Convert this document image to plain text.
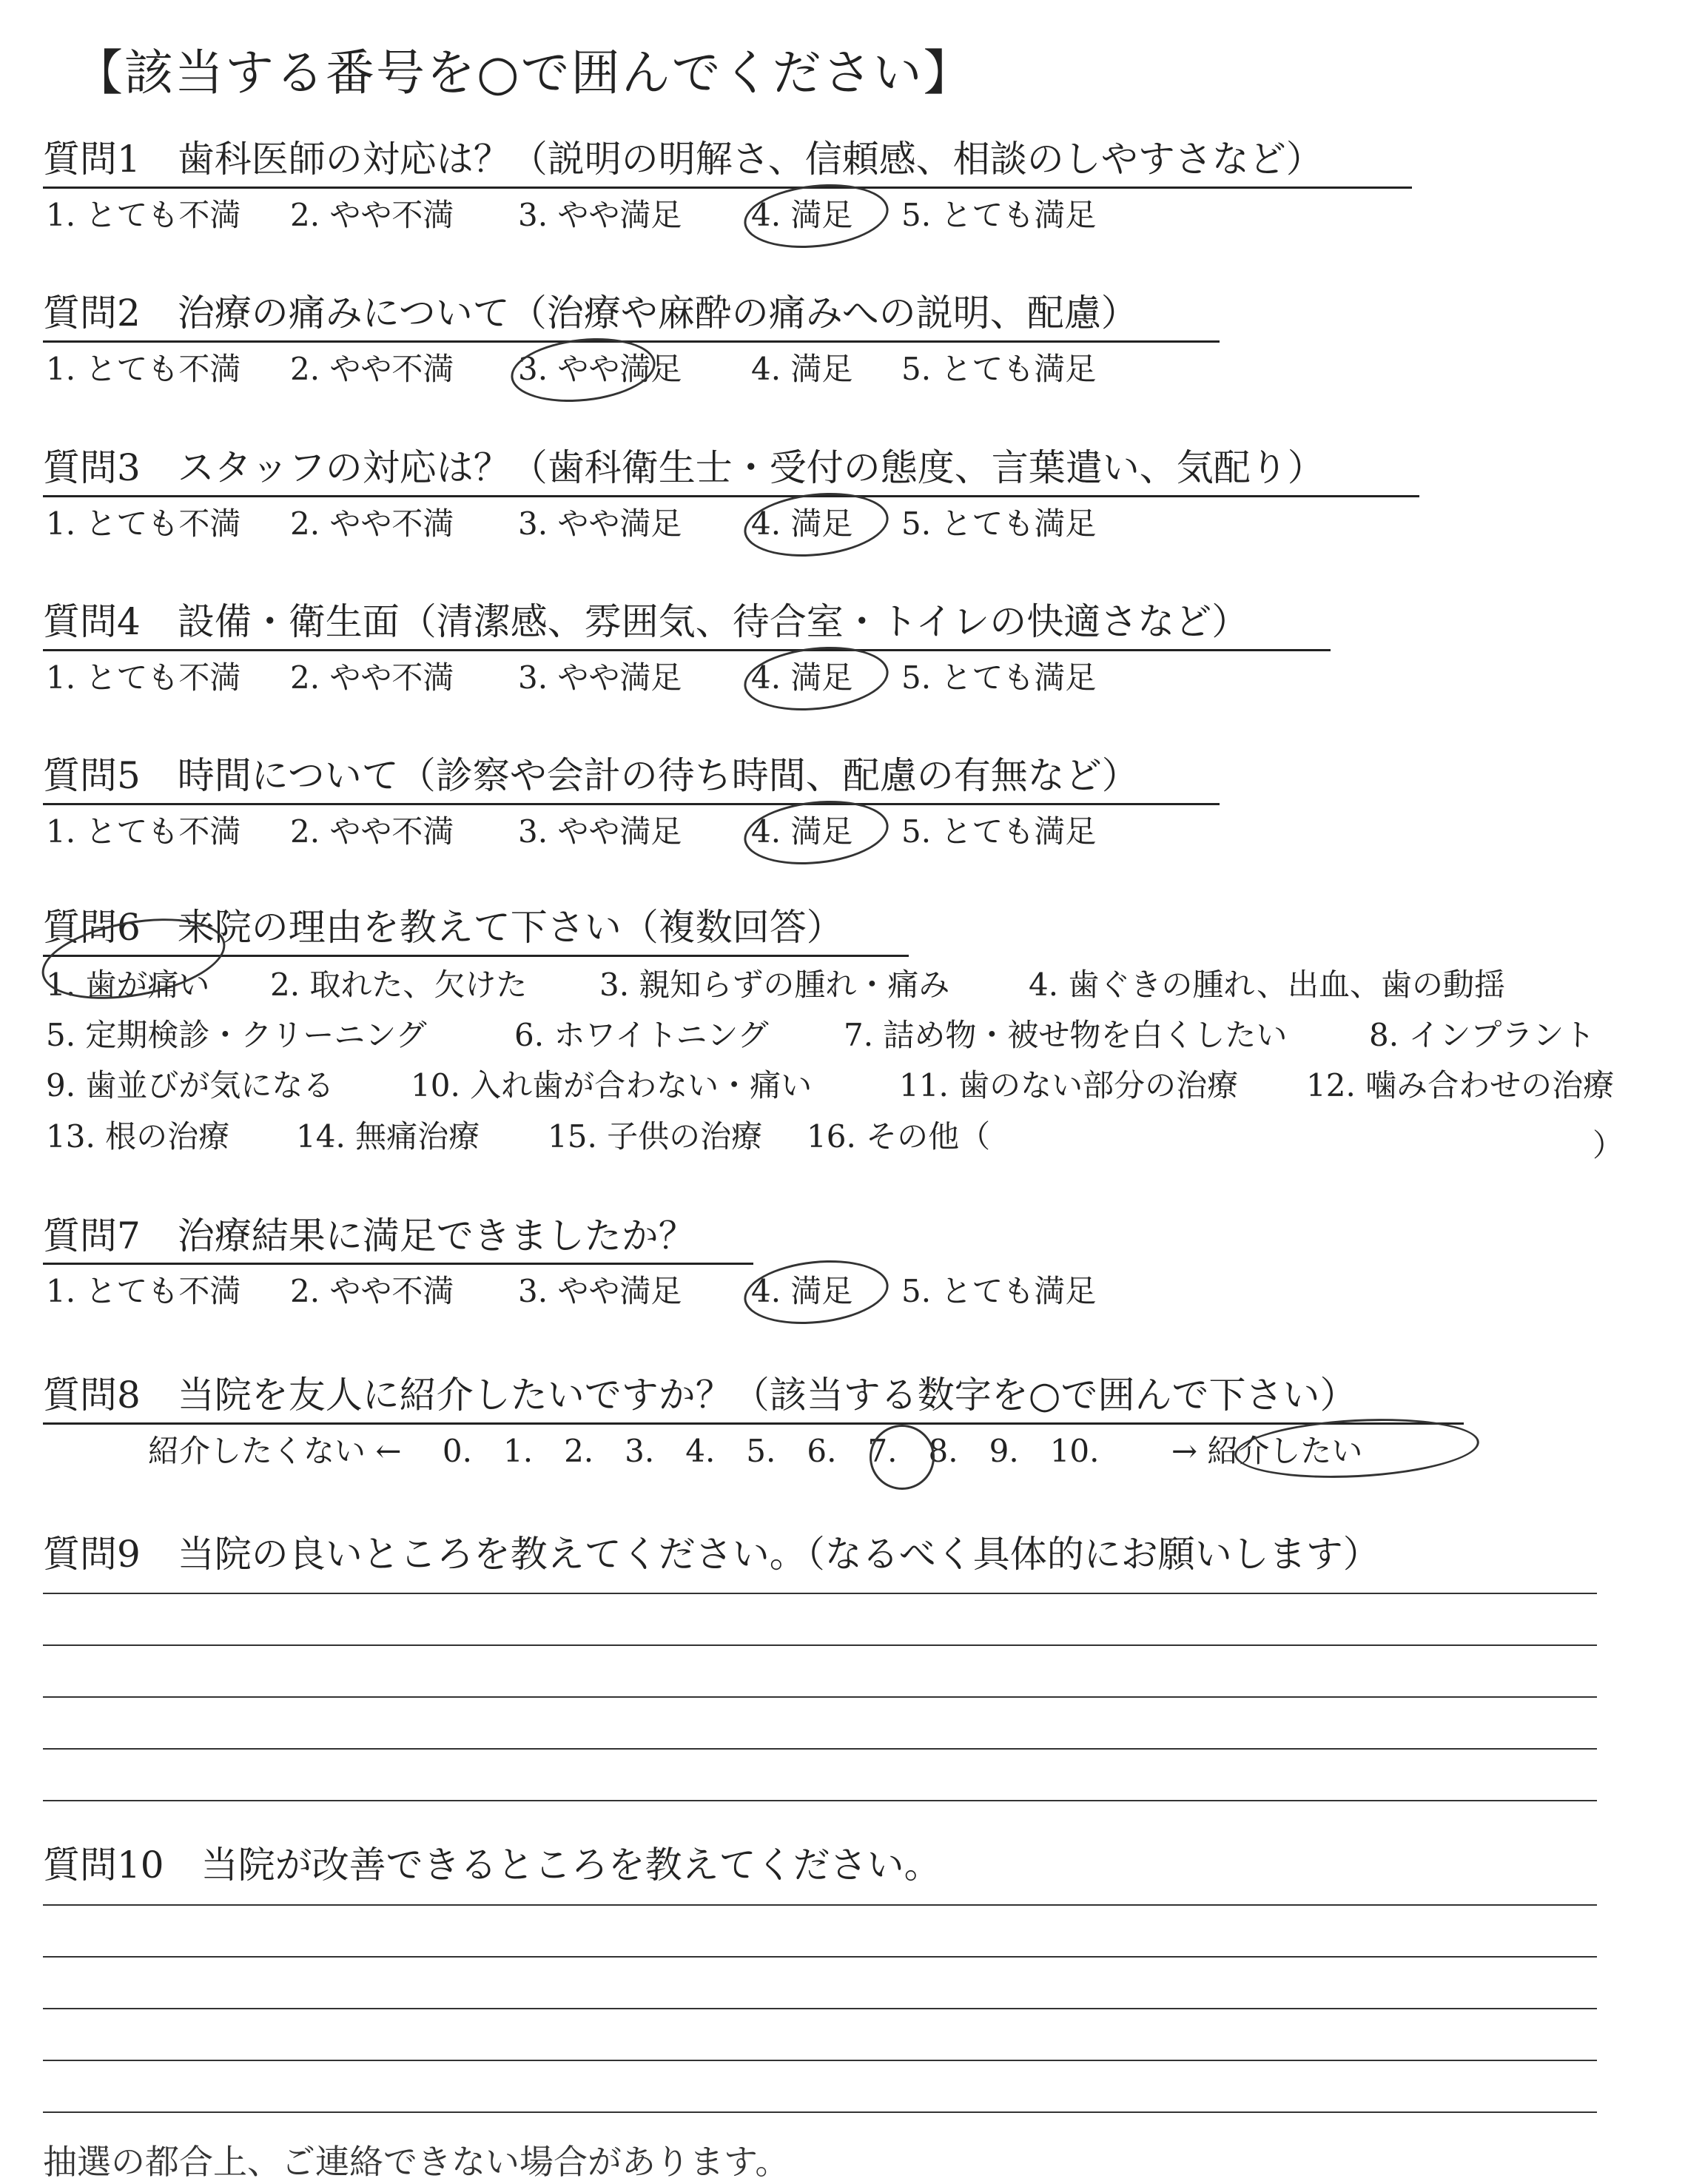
【該当する番号を○で囲んでください】
質問1　歯科医師の対応は？（説明の明解さ、信頼感、相談のしやすさなど）
1. とても不満 2. やや不満 3. やや満足 4. 満足 5. とても満足
質問2　治療の痛みについて（治療や麻酔の痛みへの説明、配慮）
1. とても不満 2. やや不満 3. やや満足 4. 満足 5. とても満足
質問3　スタッフの対応は？（歯科衛生士・受付の態度、言葉遣い、気配り）
1. とても不満 2. やや不満 3. やや満足 4. 満足 5. とても満足
質問4　設備・衛生面（清潔感、雰囲気、待合室・トイレの快適さなど）
1. とても不満 2. やや不満 3. やや満足 4. 満足 5. とても満足
質問5　時間について（診察や会計の待ち時間、配慮の有無など）
1. とても不満 2. やや不満 3. やや満足 4. 満足 5. とても満足
質問6　来院の理由を教えて下さい（複数回答）
1. 歯が痛い 2. 取れた、欠けた 3. 親知らずの腫れ・痛み	4. 歯ぐきの腫れ、出血、歯の動揺
5. 定期検診・クリーニング	6. ホワイトニング 7. 詰め物・被せ物を白くしたい	8. インプラント
9. 歯並びが気になる 10. 入れ歯が合わない・痛い	11. 歯のない部分の治療 12. 噛み合わせの治療
13. 根の治療 14. 無痛治療 15. 子供の治療 16. その他（	）
質問7　治療結果に満足できましたか？
1. とても不満 2. やや不満 3. やや満足 4. 満足 5. とても満足
質問8　当院を友人に紹介したいですか？（該当する数字を○で囲んで下さい）
紹介したくない ← 0. 1. 2. 3. 4. 5. 6. 7. 8. 9. 10. → 紹介したい
質問9　当院の良いところを教えてください。（なるべく具体的にお願いします）
質問10　当院が改善できるところを教えてください。
抽選の都合上、ご連絡できない場合があります。
